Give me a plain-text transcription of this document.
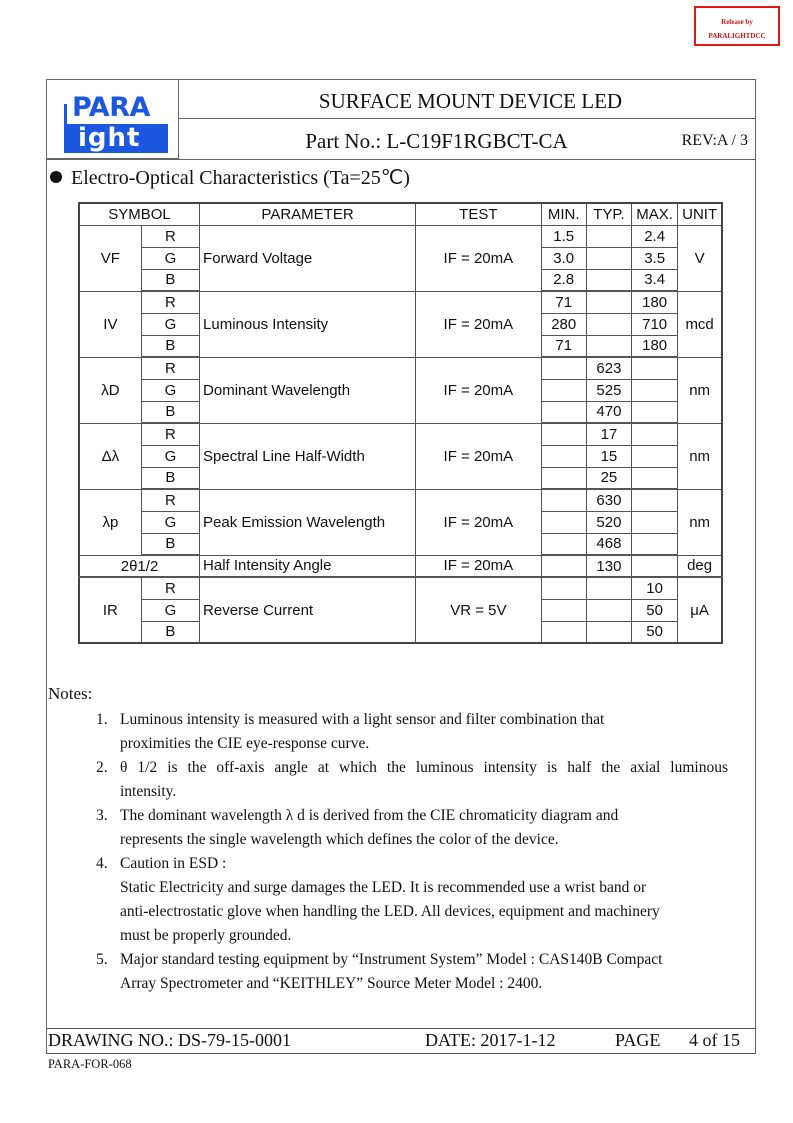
Release by
PARALIGHTDCC
PARA
ight
SURFACE MOUNT DEVICE LED
Part No.: L-C19F1RGBCT-CA	REV:A / 3
Electro-Optical Characteristics (Ta=25℃)
SYMBOL		PARAMETER	TEST	MIN.	TYP.	MAX.	UNIT
VF	R	Forward Voltage	IF = 20mA	1.5		2.4	V
	G			3.0		3.5	
	B			2.8		3.4	
IV	R	Luminous Intensity	IF = 20mA	71		180	mcd
	G			280		710	
	B			71		180	
λD	R	Dominant Wavelength	IF = 20mA		623		nm
	G				525		
	B				470		
Δλ	R	Spectral Line Half-Width	IF = 20mA		17		nm
	G				15		
	B				25		
λp	R	Peak Emission Wavelength	IF = 20mA		630		nm
	G				520		
	B				468		
2θ1/2		Half Intensity Angle	IF = 20mA		130		deg
IR	R	Reverse Current	VR = 5V			10	μA
	G					50	
	B					50	
Notes:
1. Luminous intensity is measured with a light sensor and filter combination that
proximities the CIE eye-response curve.
2. θ 1/2 is the off-axis angle at which the luminous intensity is half the axial luminous
intensity.
3. The dominant wavelength λ d is derived from the CIE chromaticity diagram and
represents the single wavelength which defines the color of the device.
4. Caution in ESD :
Static Electricity and surge damages the LED. It is recommended use a wrist band or
anti-electrostatic glove when handling the LED. All devices, equipment and machinery
must be properly grounded.
5. Major standard testing equipment by “Instrument System” Model : CAS140B Compact
Array Spectrometer and “KEITHLEY” Source Meter Model : 2400.
DRAWING NO.: DS-79-15-0001	DATE: 2017-1-12	PAGE 4 of 15
PARA-FOR-068
